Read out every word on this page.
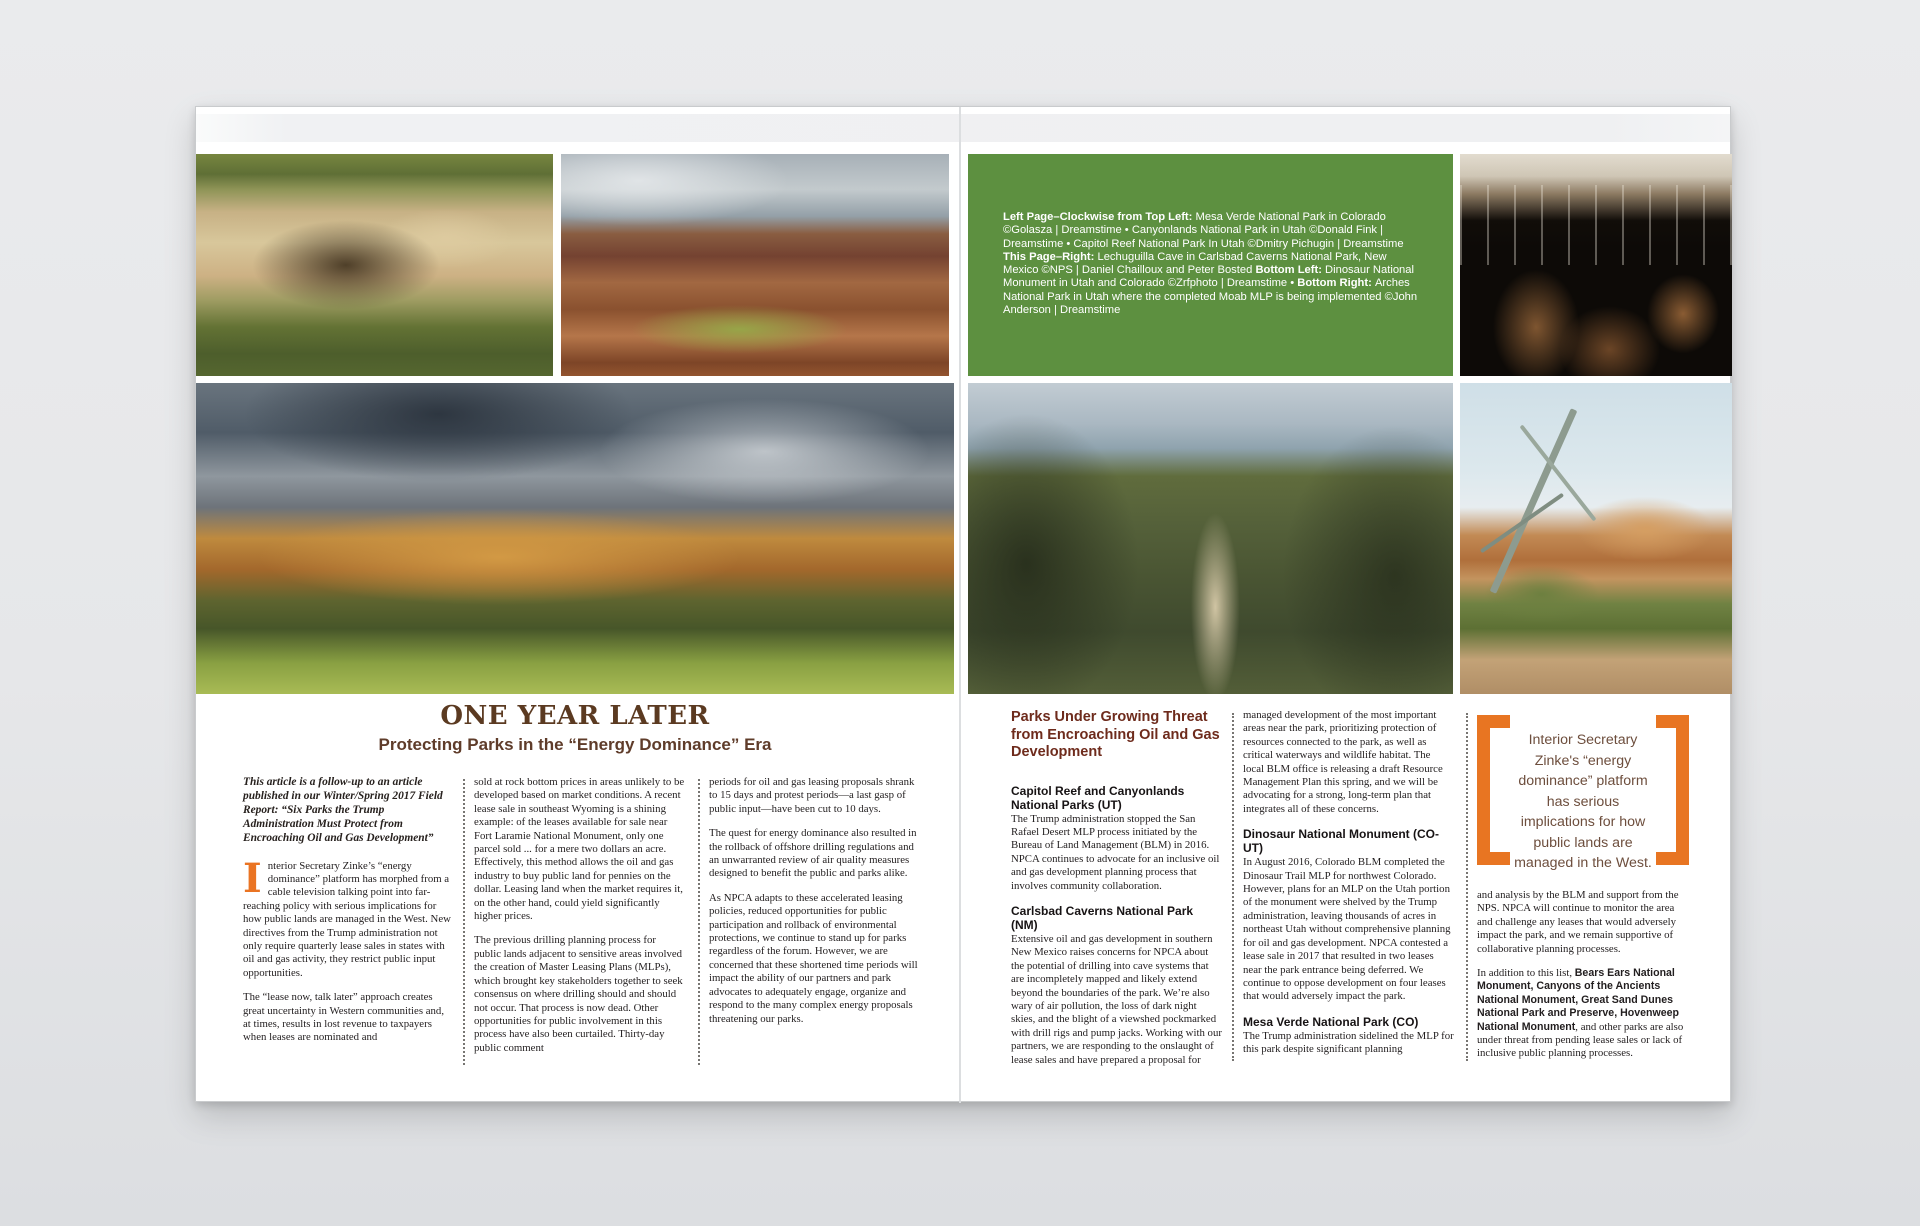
Left Page–Clockwise from Top Left: Mesa Verde National Park in Colorado ©Golasza | Dreamstime • Canyonlands National Park in Utah ©Donald Fink | Dreamstime • Capitol Reef National Park In Utah ©Dmitry Pichugin | Dreamstime This Page–Right: Lechuguilla Cave in Carlsbad Caverns National Park, New Mexico ©NPS | Daniel Chailloux and Peter Bosted Bottom Left: Dinosaur National Monument in Utah and Colorado ©Zrfphoto | Dreamstime • Bottom Right: Arches National Park in Utah where the completed Moab MLP is being implemented ©John Anderson | Dreamstime

ONE YEAR LATER
Protecting Parks in the “Energy Dominance” Era

This article is a follow-up to an article published in our Winter/Spring 2017 Field Report: “Six Parks the Trump Administration Must Protect from Encroaching Oil and Gas Development”

Interior Secretary Zinke’s “energy dominance” platform has morphed from a cable television talking point into far-reaching policy with serious implications for how public lands are managed in the West. New directives from the Trump administration not only require quarterly lease sales in states with oil and gas activity, they restrict public input opportunities.

The “lease now, talk later” approach creates great uncertainty in Western communities and, at times, results in lost revenue to taxpayers when leases are nominated and

sold at rock bottom prices in areas unlikely to be developed based on market conditions. A recent lease sale in southeast Wyoming is a shining example: of the leases available for sale near Fort Laramie National Monument, only one parcel sold ... for a mere two dollars an acre. Effectively, this method allows the oil and gas industry to buy public land for pennies on the dollar. Leasing land when the market requires it, on the other hand, could yield significantly higher prices.

The previous drilling planning process for public lands adjacent to sensitive areas involved the creation of Master Leasing Plans (MLPs), which brought key stakeholders together to seek consensus on where drilling should and should not occur. That process is now dead. Other opportunities for public involvement in this process have also been curtailed. Thirty-day public comment

periods for oil and gas leasing proposals shrank to 15 days and protest periods—a last gasp of public input—have been cut to 10 days.

The quest for energy dominance also resulted in the rollback of offshore drilling regulations and an unwarranted review of air quality measures designed to benefit the public and parks alike.

As NPCA adapts to these accelerated leasing policies, reduced opportunities for public participation and rollback of environmental protections, we continue to stand up for parks regardless of the forum. However, we are concerned that these shortened time periods will impact the ability of our partners and park advocates to adequately engage, organize and respond to the many complex energy proposals threatening our parks.

Parks Under Growing Threat from Encroaching Oil and Gas Development
Capitol Reef and Canyonlands National Parks (UT)

The Trump administration stopped the San Rafael Desert MLP process initiated by the Bureau of Land Management (BLM) in 2016. NPCA continues to advocate for an inclusive oil and gas development planning process that involves community collaboration.

Carlsbad Caverns National Park (NM)

Extensive oil and gas development in southern New Mexico raises concerns for NPCA about the potential of drilling into cave systems that are incompletely mapped and likely extend beyond the boundaries of the park. We’re also wary of air pollution, the loss of dark night skies, and the blight of a viewshed pockmarked with drill rigs and pump jacks. Working with our partners, we are responding to the onslaught of lease sales and have prepared a proposal for

managed development of the most important areas near the park, prioritizing protection of resources connected to the park, as well as critical waterways and wildlife habitat. The local BLM office is releasing a draft Resource Management Plan this spring, and we will be advocating for a strong, long-term plan that integrates all of these concerns.

Dinosaur National Monument (CO-UT)

In August 2016, Colorado BLM completed the Dinosaur Trail MLP for northwest Colorado. However, plans for an MLP on the Utah portion of the monument were shelved by the Trump administration, leaving thousands of acres in northeast Utah without comprehensive planning for oil and gas development. NPCA contested a lease sale in 2017 that resulted in two leases near the park entrance being deferred. We continue to oppose development on four leases that would adversely impact the park.

Mesa Verde National Park (CO)

The Trump administration sidelined the MLP for this park despite significant planning

Interior Secretary Zinke's “energy dominance” platform has serious implications for how public lands are managed in the West.

and analysis by the BLM and support from the NPS. NPCA will continue to monitor the area and challenge any leases that would adversely impact the park, and we remain supportive of collaborative planning processes.

In addition to this list, Bears Ears National Monument, Canyons of the Ancients National Monument, Great Sand Dunes National Park and Preserve, Hovenweep National Monument, and other parks are also under threat from pending lease sales or lack of inclusive public planning processes.
